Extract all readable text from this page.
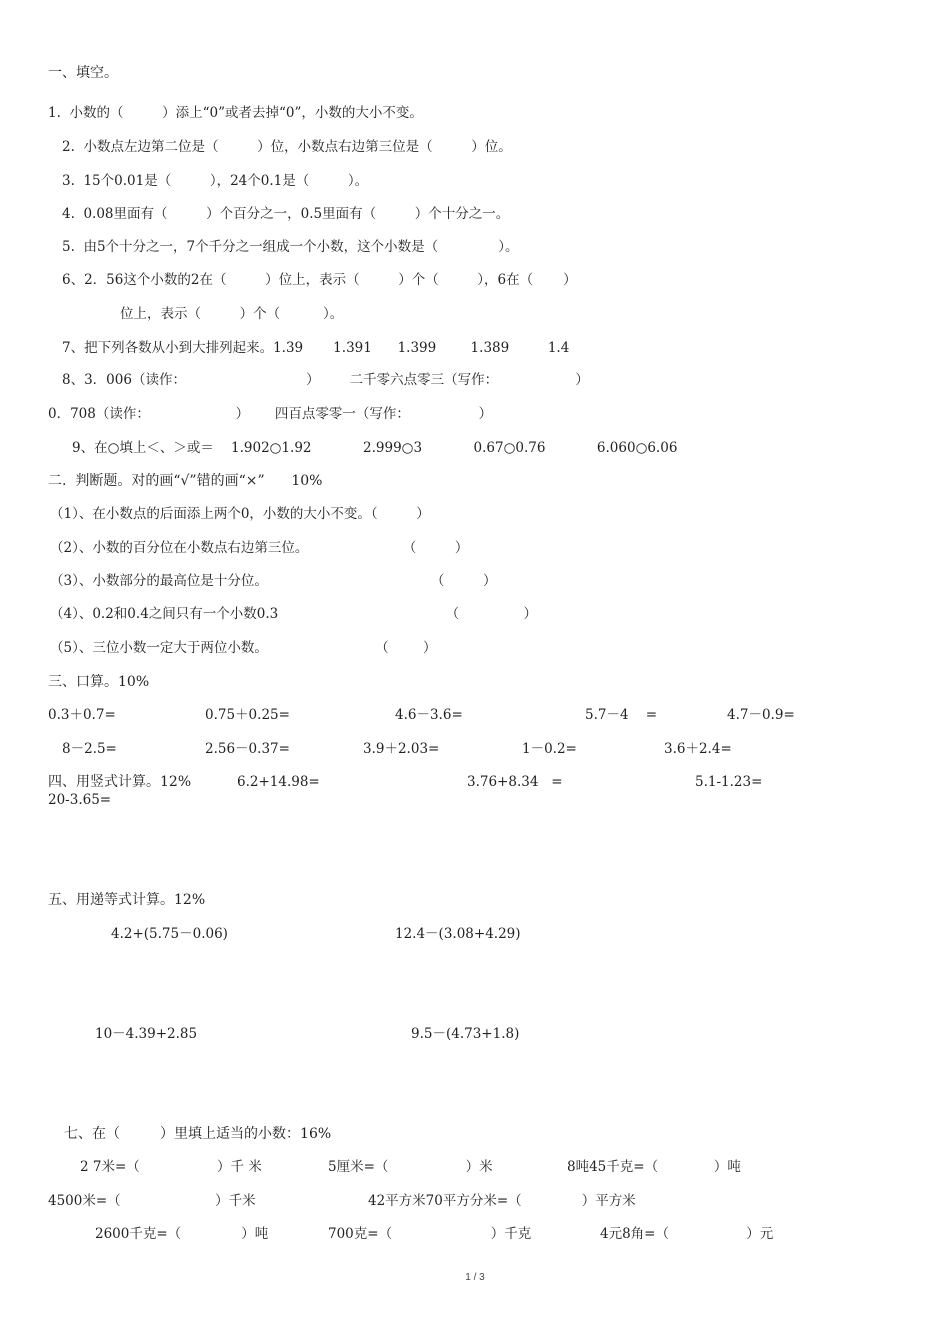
一、填空。
1.  小数的（         ）添上“0”或者去掉“0”，小数的大小不变。
2.  小数点左边第二位是（         ）位，小数点右边第三位是（         ）位。
3.  15个0.01是（         ），24个0.1是（         ）。
4.  0.08里面有（         ）个百分之一，0.5里面有（         ）个十分之一。
5.  由5个十分之一，7个千分之一组成一个小数，这个小数是（              ）。
6、2．56这个小数的2在（         ）位上，表示（         ）个（         ），6在（       ）
位上，表示（         ）个（          ）。
7、把下列各数从小到大排列起来。1.39       1.391      1.399        1.389         1.4
8、3．006（读作：                            ）       二千零六点零三（写作：                  ）
0．708（读作：                    ）      四百点零零一（写作：                ）
9、在○填上＜、＞或＝    1.902○1.92            2.999○3            0.67○0.76            6.060○6.06
二.  判断题。对的画“√”错的画“×”      10%
（1）、在小数点的后面添上两个0，小数的大小不变。（         ）
（2）、小数的百分位在小数点右边第三位。                      （         ）
（3）、小数部分的最高位是十分位。                                      （         ）
（4）、0.2和0.4之间只有一个小数0.3                                       （               ）
（5）、三位小数一定大于两位小数。                         （        ）
三、口算。10%
0.3＋0.7=	0.75＋0.25=	4.6－3.6=	5.7－4    =	4.7－0.9=
8－2.5=	2.56－0.37=	3.9＋2.03=	1－0.2=	3.6＋2.4=
四、用竖式计算。12%	6.2+14.98=	3.76+8.34   =	5.1-1.23=
20-3.65=
五、用递等式计算。12%
4.2+(5.75－0.06)	12.4－(3.08+4.29)
10－4.39+2.85	9.5－(4.73+1.8)
七、在（         ）里填上适当的小数：16%
2 7米=（                  ）千 米	5厘米=（                  ）米	8吨45千克=（             ）吨
4500米=（                      ）千米	42平方米70平方分米=（              ）平方米
2600千克=（              ）吨	700克=（                       ）千克	4元8角=（                  ）元
1 / 3
